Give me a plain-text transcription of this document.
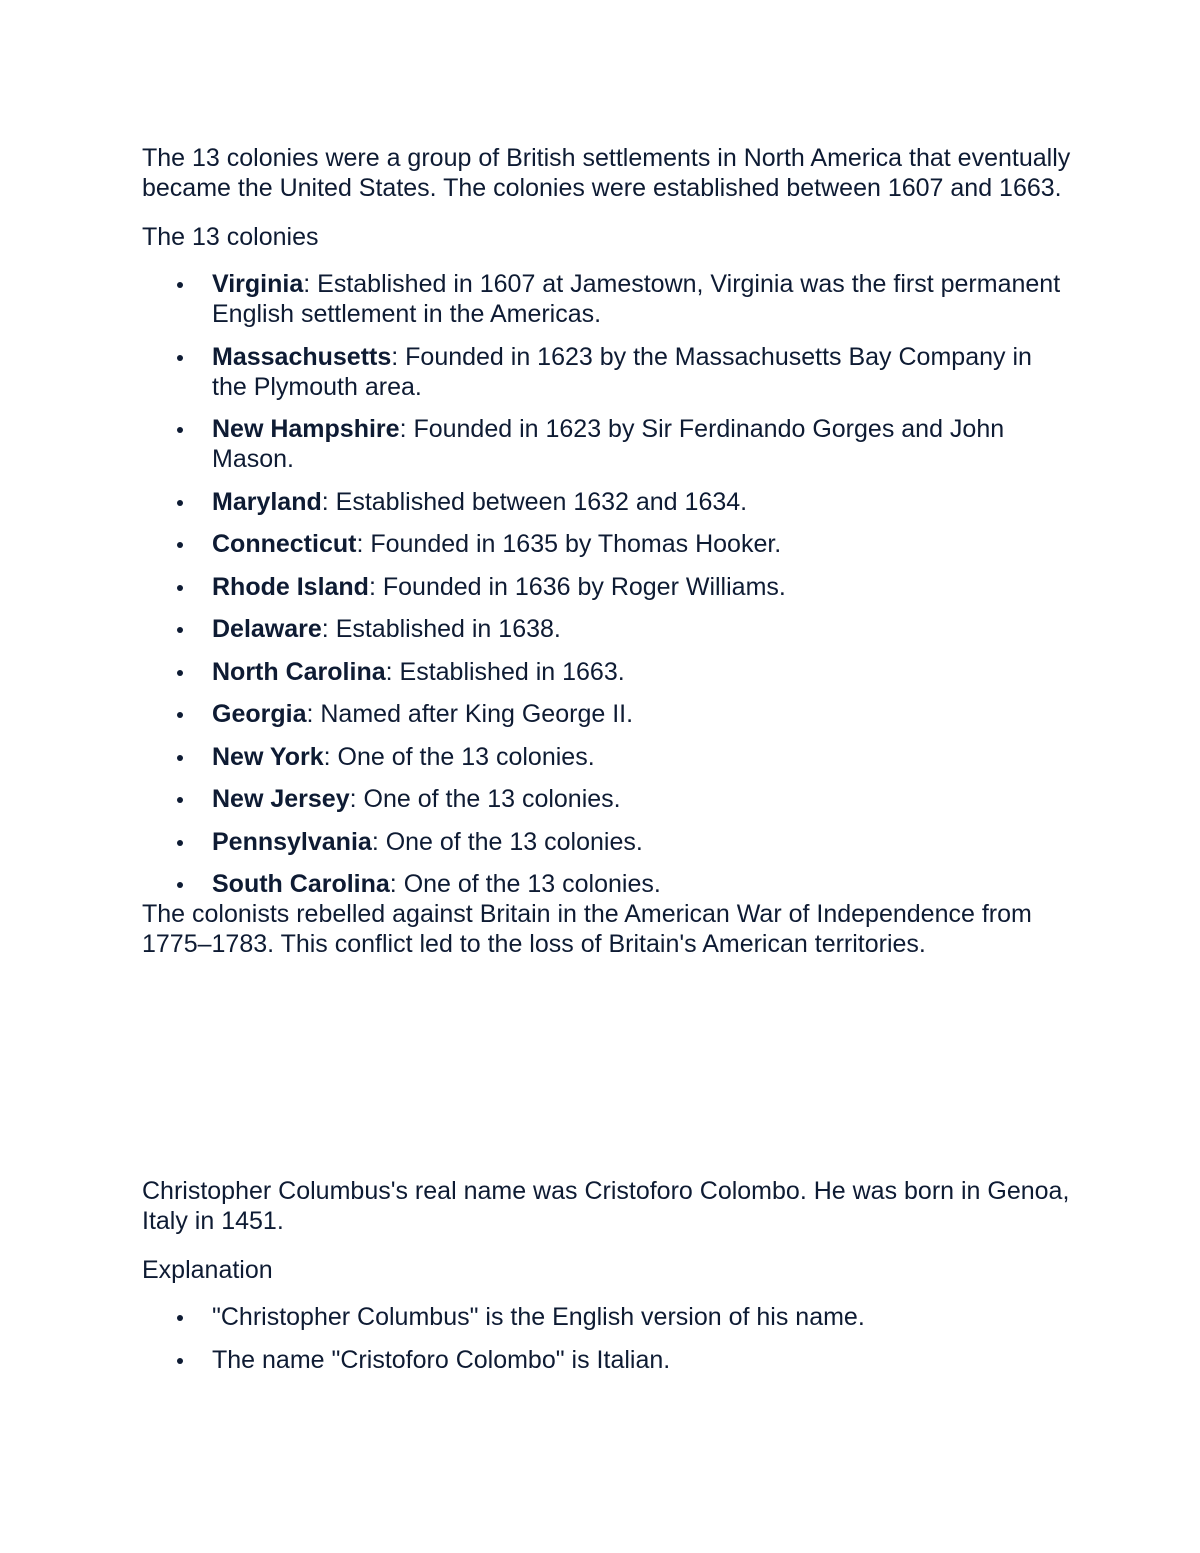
The 13 colonies were a group of British settlements in North America that eventually became the United States. The colonies were established between 1607 and 1663.

The 13 colonies

Virginia: Established in 1607 at Jamestown, Virginia was the first permanent English settlement in the Americas.
Massachusetts: Founded in 1623 by the Massachusetts Bay Company in the Plymouth area.
New Hampshire: Founded in 1623 by Sir Ferdinando Gorges and John Mason.
Maryland: Established between 1632 and 1634.
Connecticut: Founded in 1635 by Thomas Hooker.
Rhode Island: Founded in 1636 by Roger Williams.
Delaware: Established in 1638.
North Carolina: Established in 1663.
Georgia: Named after King George II.
New York: One of the 13 colonies.
New Jersey: One of the 13 colonies.
Pennsylvania: One of the 13 colonies.
South Carolina: One of the 13 colonies.

The colonists rebelled against Britain in the American War of Independence from 1775–1783. This conflict led to the loss of Britain's American territories.

Christopher Columbus's real name was Cristoforo Colombo. He was born in Genoa, Italy in 1451.

Explanation

"Christopher Columbus" is the English version of his name.
The name "Cristoforo Colombo" is Italian.
